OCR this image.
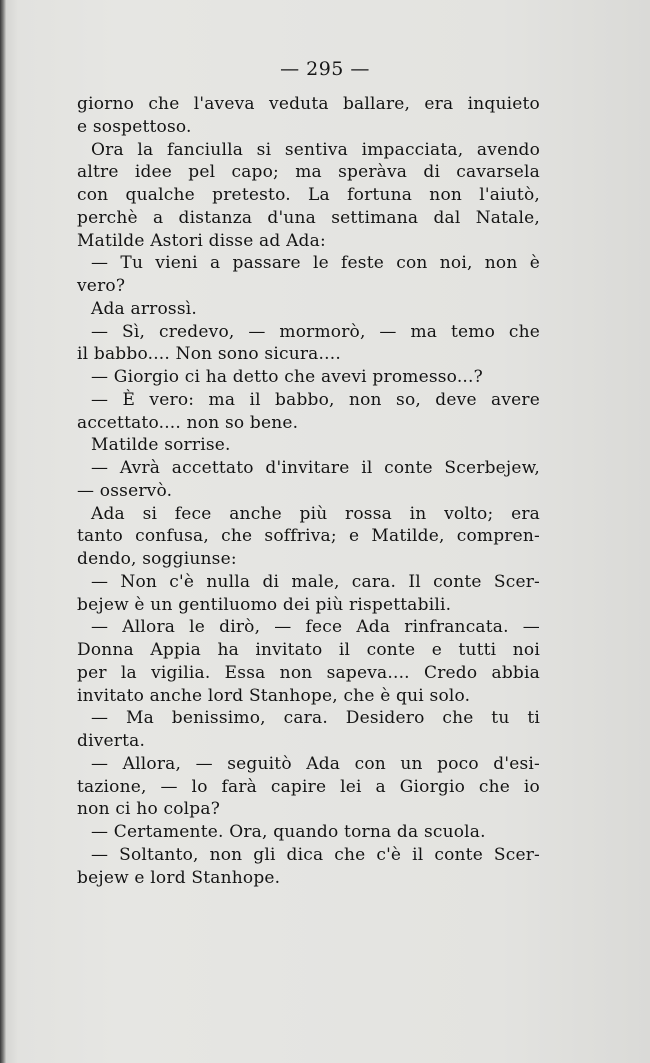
— 295 —
giorno che l'aveva veduta ballare, era inquieto
e sospettoso.
Ora la fanciulla si sentiva impacciata, avendo
altre idee pel capo; ma speràva di cavarsela
con qualche pretesto. La fortuna non l'aiutò,
perchè a distanza d'una settimana dal Natale,
Matilde Astori disse ad Ada:
— Tu vieni a passare le feste con noi, non è
vero?
Ada arrossì.
— Sì, credevo, — mormorò, — ma temo che
il babbo.... Non sono sicura....
— Giorgio ci ha detto che avevi promesso...?
— È vero: ma il babbo, non so, deve avere
accettato.... non so bene.
Matilde sorrise.
— Avrà accettato d'invitare il conte Scerbejew,
— osservò.
Ada si fece anche più rossa in volto; era
tanto confusa, che soffriva; e Matilde, compren-
dendo, soggiunse:
— Non c'è nulla di male, cara. Il conte Scer-
bejew è un gentiluomo dei più rispettabili.
— Allora le dirò, — fece Ada rinfrancata. —
Donna Appia ha invitato il conte e tutti noi
per la vigilia. Essa non sapeva.... Credo abbia
invitato anche lord Stanhope, che è qui solo.
— Ma benissimo, cara. Desidero che tu ti
diverta.
— Allora, — seguitò Ada con un poco d'esi-
tazione, — lo farà capire lei a Giorgio che io
non ci ho colpa?
— Certamente. Ora, quando torna da scuola.
— Soltanto, non gli dica che c'è il conte Scer-
bejew e lord Stanhope.
